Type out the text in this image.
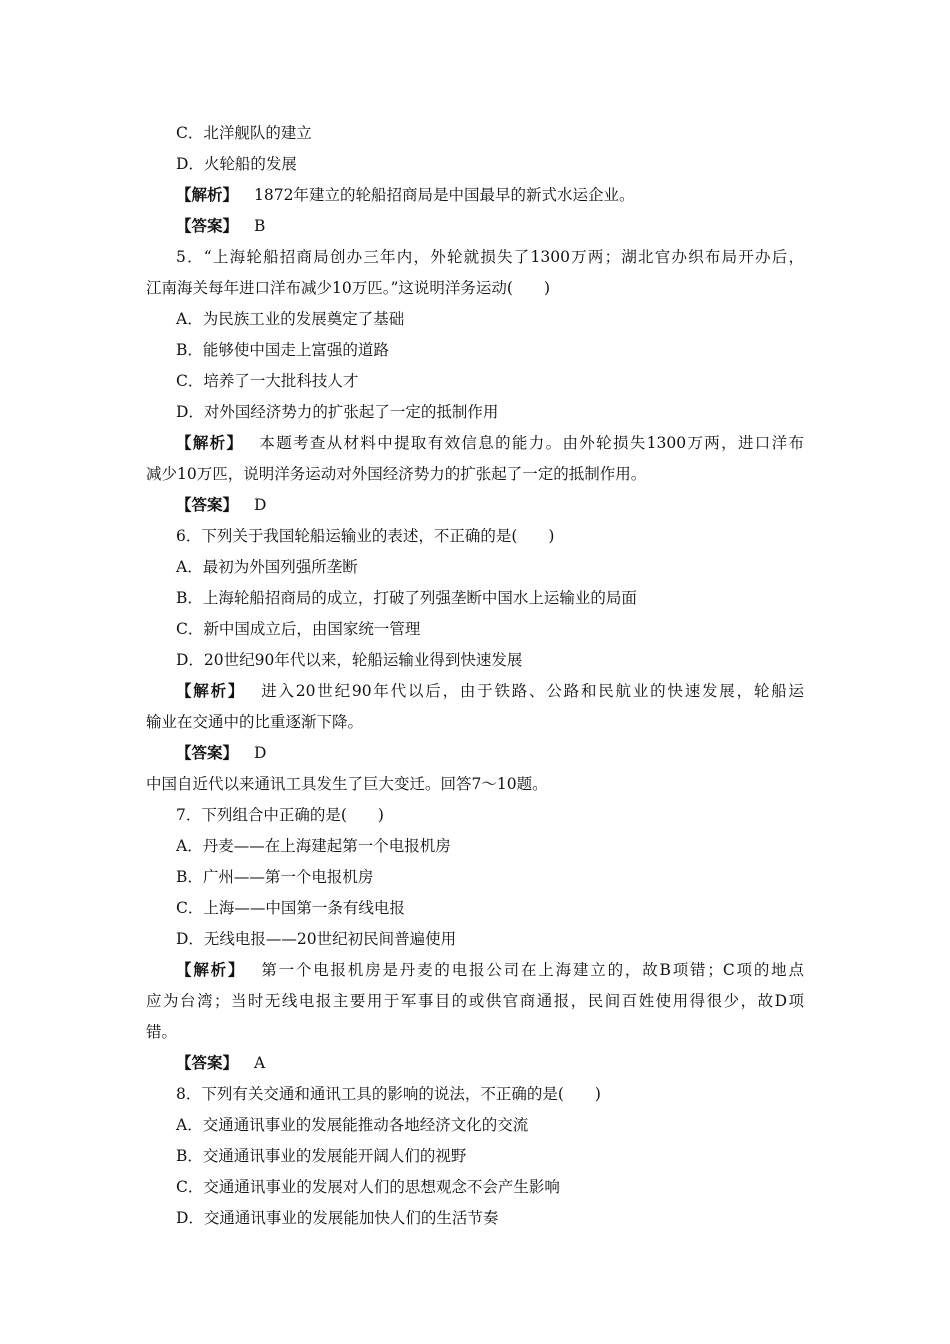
C．北洋舰队的建立
D．火轮船的发展
【解析】 1872年建立的轮船招商局是中国最早的新式水运企业。
【答案】 B
5．“上海轮船招商局创办三年内，外轮就损失了1300万两；湖北官办织布局开办后，
江南海关每年进口洋布减少10万匹。”这说明洋务运动(　　)
A．为民族工业的发展奠定了基础
B．能够使中国走上富强的道路
C．培养了一大批科技人才
D．对外国经济势力的扩张起了一定的抵制作用
【解析】 本题考查从材料中提取有效信息的能力。由外轮损失1300万两，进口洋布
减少10万匹，说明洋务运动对外国经济势力的扩张起了一定的抵制作用。
【答案】 D
6．下列关于我国轮船运输业的表述，不正确的是(　　)
A．最初为外国列强所垄断
B．上海轮船招商局的成立，打破了列强垄断中国水上运输业的局面
C．新中国成立后，由国家统一管理
D．20世纪90年代以来，轮船运输业得到快速发展
【解析】 进入20世纪90年代以后，由于铁路、公路和民航业的快速发展，轮船运
输业在交通中的比重逐渐下降。
【答案】 D
中国自近代以来通讯工具发生了巨大变迁。回答7～10题。
7．下列组合中正确的是(　　)
A．丹麦——在上海建起第一个电报机房
B．广州——第一个电报机房
C．上海——中国第一条有线电报
D．无线电报——20世纪初民间普遍使用
【解析】 第一个电报机房是丹麦的电报公司在上海建立的，故B项错；C项的地点
应为台湾；当时无线电报主要用于军事目的或供官商通报，民间百姓使用得很少，故D项
错。
【答案】 A
8．下列有关交通和通讯工具的影响的说法，不正确的是(　　)
A．交通通讯事业的发展能推动各地经济文化的交流
B．交通通讯事业的发展能开阔人们的视野
C．交通通讯事业的发展对人们的思想观念不会产生影响
D．交通通讯事业的发展能加快人们的生活节奏
